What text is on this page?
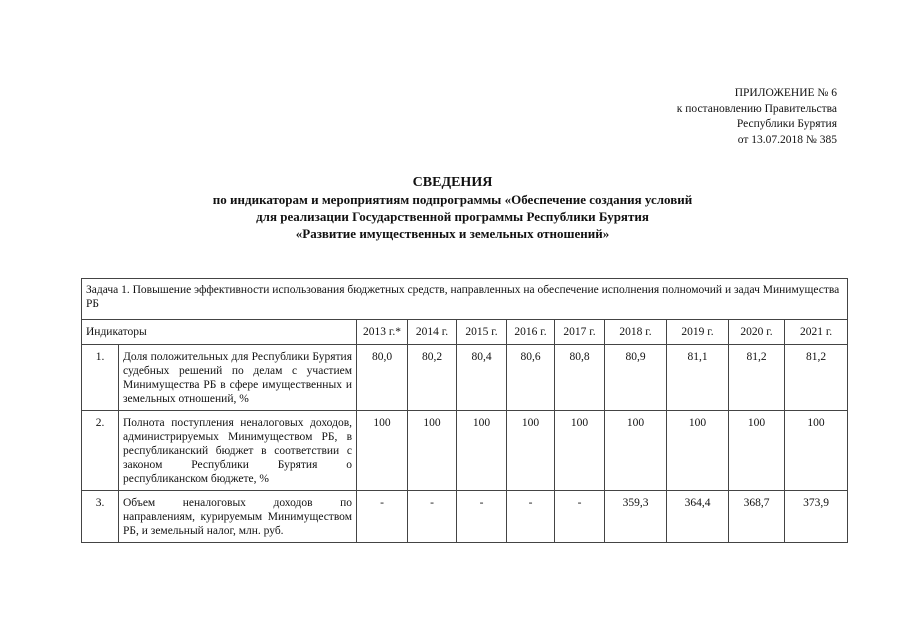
ПРИЛОЖЕНИЕ № 6
к постановлению Правительства
Республики Бурятия
от 13.07.2018 № 385
СВЕДЕНИЯ
по индикаторам и мероприятиям подпрограммы «Обеспечение создания условий
для реализации Государственной программы Республики Бурятия
«Развитие имущественных и земельных отношений»
Задача 1. Повышение эффективности использования бюджетных средств, направленных на обеспечение исполнения полномочий и задач Минимущества РБ										
Индикаторы		2013 г.*	2014 г.	2015 г.	2016 г.	2017 г.	2018 г.	2019 г.	2020 г.	2021 г.
1.	Доля положительных для Республики Бурятия судебных решений по делам с участием Минимущества РБ в сфере имущественных и земельных отношений, %	80,0	80,2	80,4	80,6	80,8	80,9	81,1	81,2	81,2
2.	Полнота поступления неналоговых доходов, администрируемых Минимуществом РБ, в республиканский бюджет в соответствии с законом Республики Бурятия о республиканском бюджете, %	100	100	100	100	100	100	100	100	100
3.	Объем неналоговых доходов по направлениям, курируемым Минимуществом РБ, и земельный налог, млн. руб.	-	-	-	-	-	359,3	364,4	368,7	373,9
